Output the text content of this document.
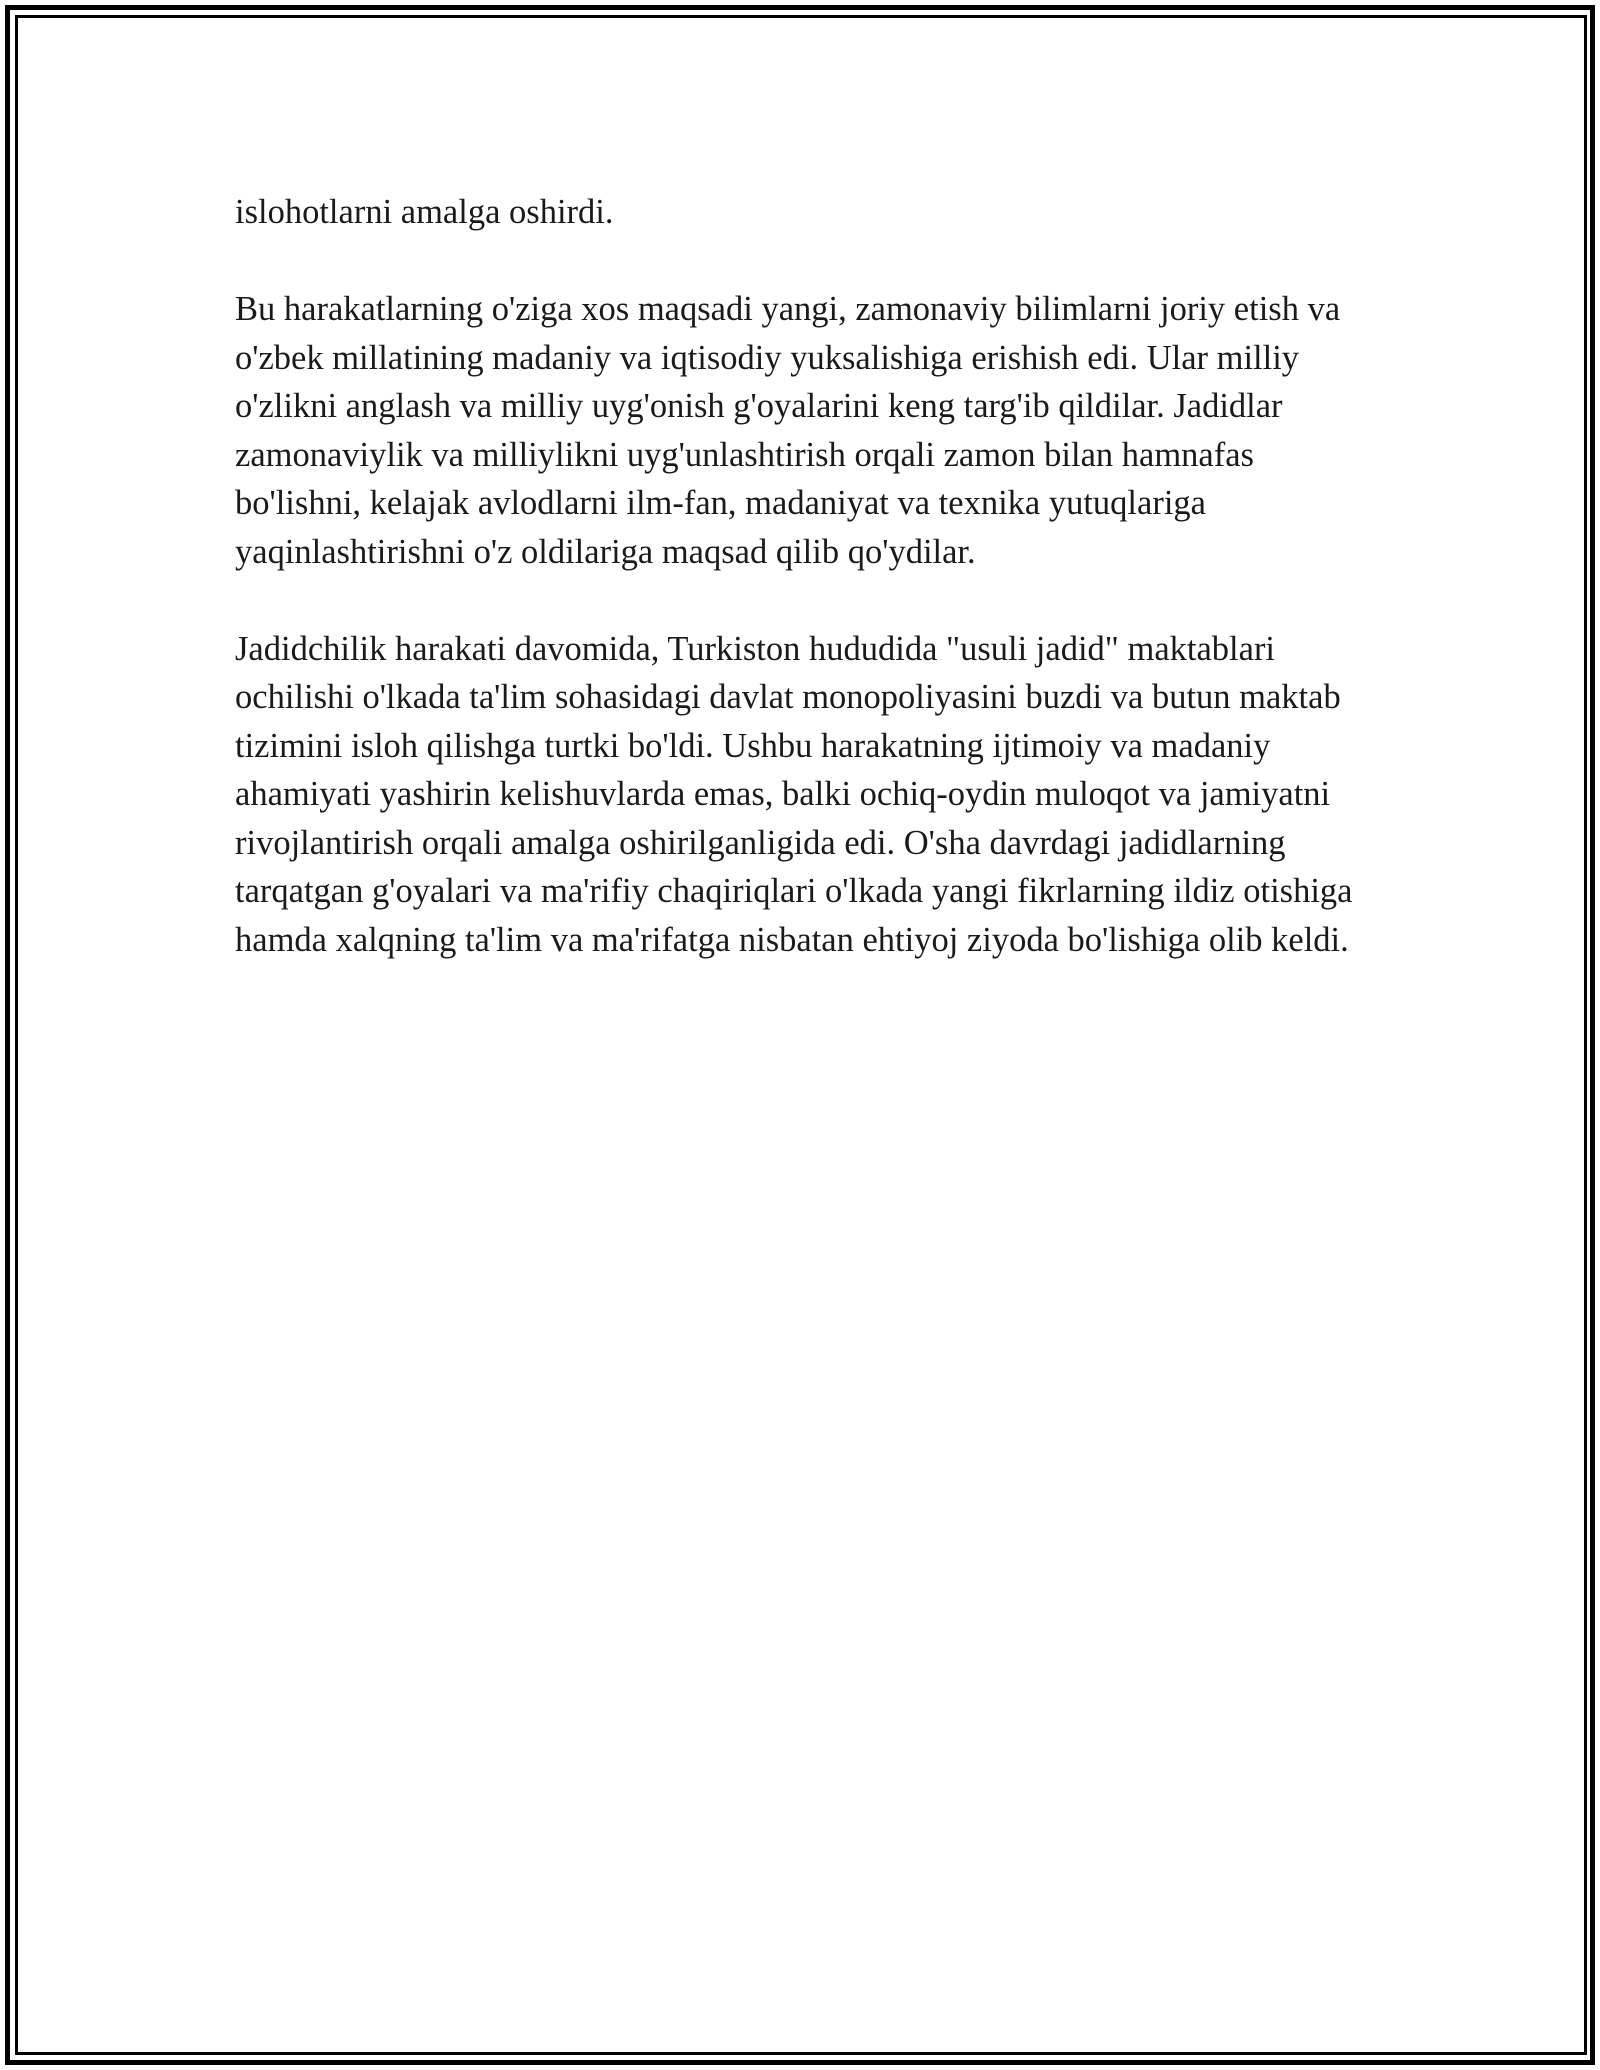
islohotlarni amalga oshirdi.

Bu harakatlarning o'ziga xos maqsadi yangi, zamonaviy bilimlarni joriy etish va o'zbek millatining madaniy va iqtisodiy yuksalishiga erishish edi. Ular milliy o'zlikni anglash va milliy uyg'onish g'oyalarini keng targ'ib qildilar. Jadidlar zamonaviylik va milliylikni uyg'unlashtirish orqali zamon bilan hamnafas bo'lishni, kelajak avlodlarni ilm-fan, madaniyat va texnika yutuqlariga yaqinlashtirishni o'z oldilariga maqsad qilib qo'ydilar.

Jadidchilik harakati davomida, Turkiston hududida "usuli jadid" maktablari ochilishi o'lkada ta'lim sohasidagi davlat monopoliyasini buzdi va butun maktab tizimini isloh qilishga turtki bo'ldi. Ushbu harakatning ijtimoiy va madaniy ahamiyati yashirin kelishuvlarda emas, balki ochiq-oydin muloqot va jamiyatni rivojlantirish orqali amalga oshirilganligida edi. O'sha davrdagi jadidlarning tarqatgan g'oyalari va ma'rifiy chaqiriqlari o'lkada yangi fikrlarning ildiz otishiga hamda xalqning ta'lim va ma'rifatga nisbatan ehtiyoj ziyoda bo'lishiga olib keldi.
